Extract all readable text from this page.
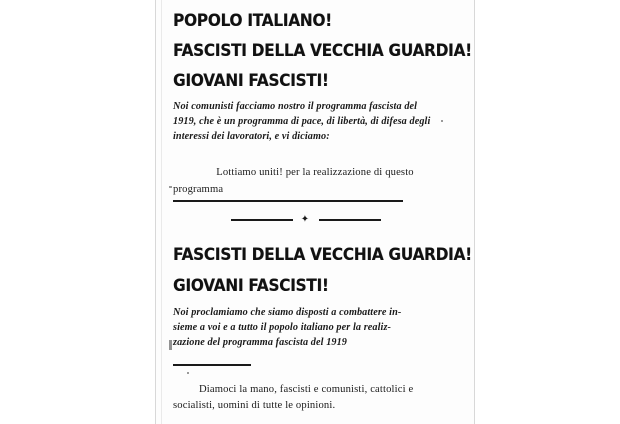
POPOLO ITALIANO!
FASCISTI DELLA VECCHIA GUARDIA!
GIOVANI FASCISTI!
Noi comunisti facciamo nostro il programma fascista del 1919, che è un programma di pace, di libertà, di difesa degli interessi dei lavoratori, e vi diciamo:
Lottiamo uniti! per la realizzazione di questo
programma
✦
FASCISTI DELLA VECCHIA GUARDIA!
GIOVANI FASCISTI!
Noi proclamiamo che siamo disposti a combattere in-
sieme a voi e a tutto il popolo italiano per la realiz-
zazione del programma fascista del 1919
Diamoci la mano, fascisti e comunisti, cattolici e
socialisti, uomini di tutte le opinioni.
